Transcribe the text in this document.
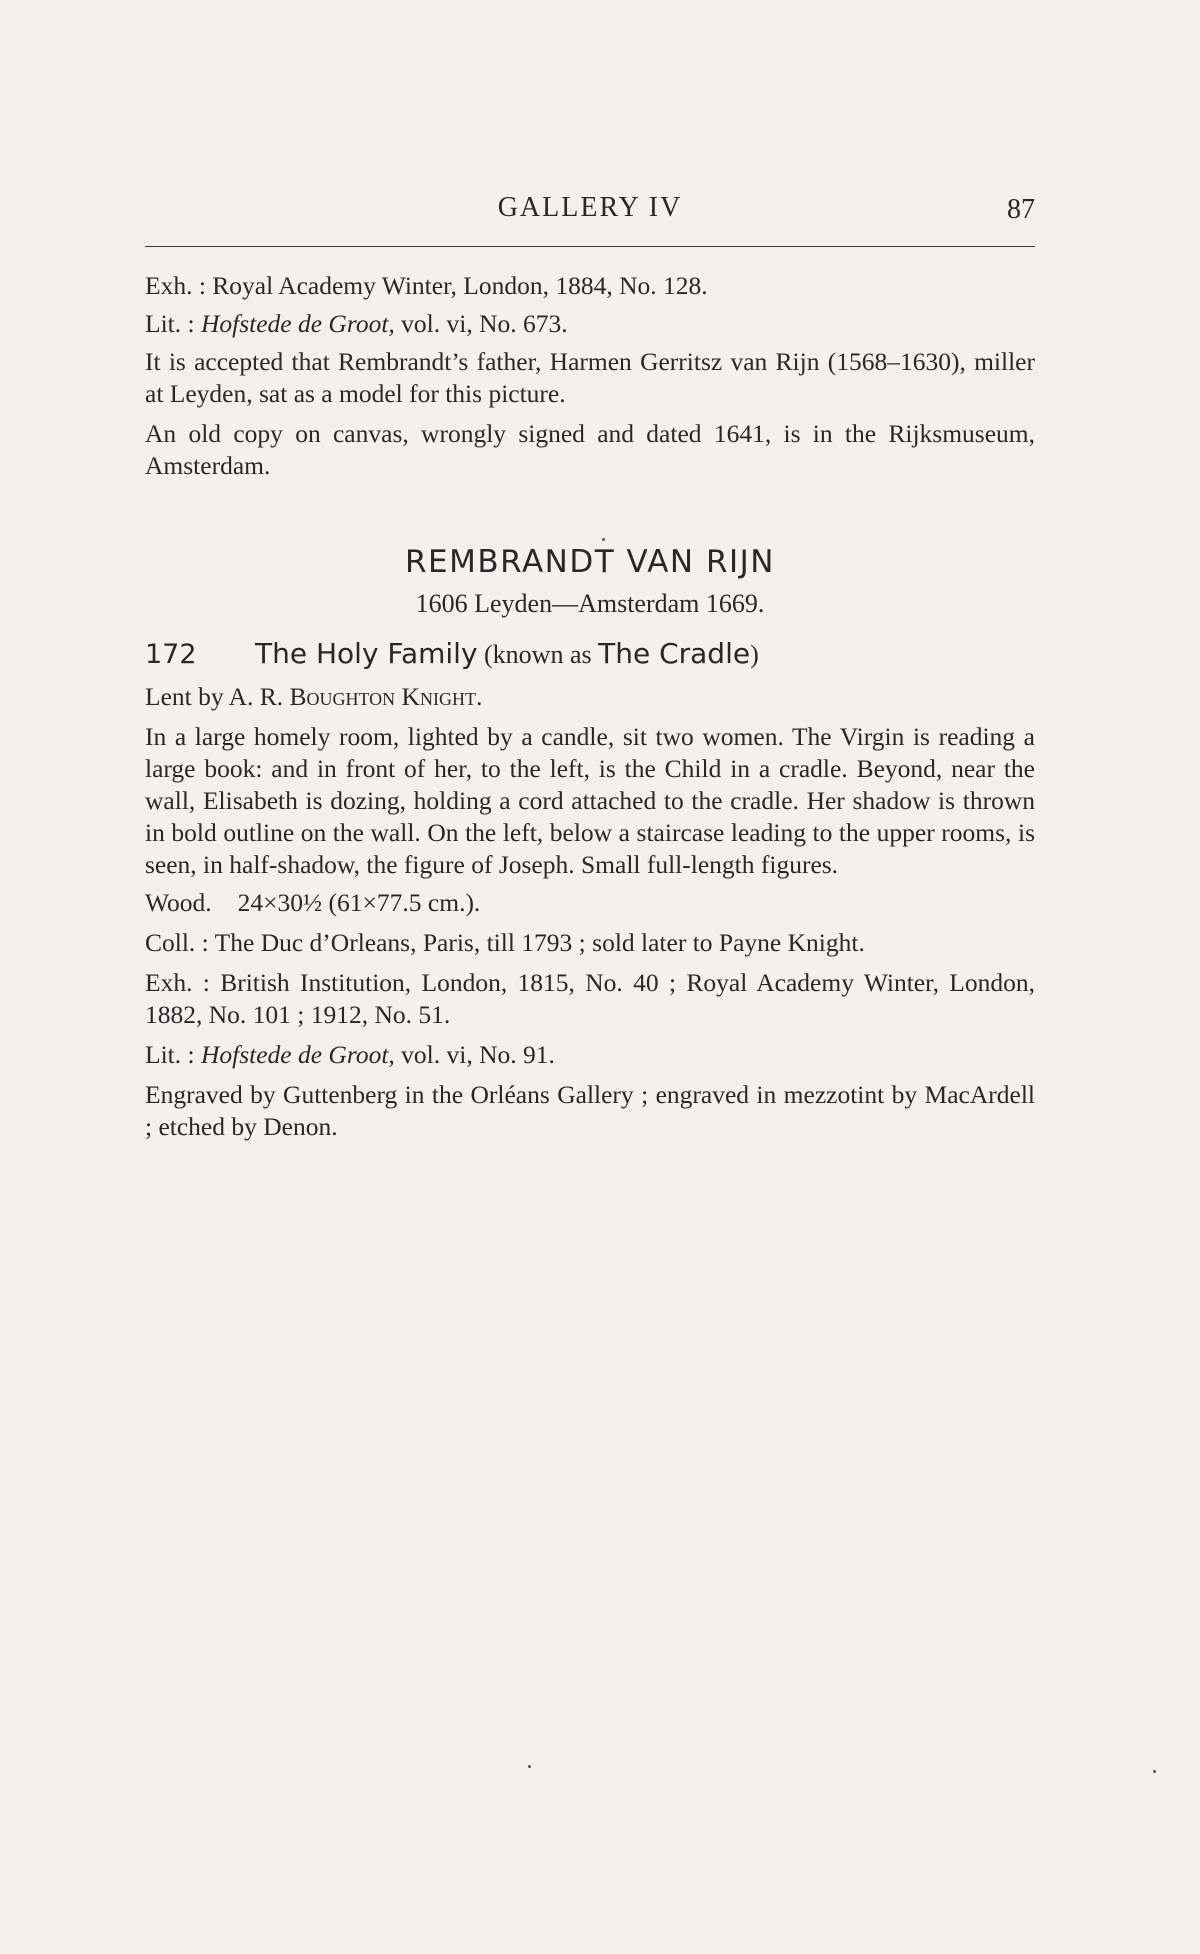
GALLERY IV	87

Exh. : Royal Academy Winter, London, 1884, No. 128.

Lit. : Hofstede de Groot, vol. vi, No. 673.

It is accepted that Rembrandt’s father, Harmen Gerritsz van Rijn (1568–1630), miller at Leyden, sat as a model for this picture.

An old copy on canvas, wrongly signed and dated 1641, is in the Rijksmuseum, Amsterdam.

REMBRANDT VAN RIJN
1606 Leyden—Amsterdam 1669.
172 The Holy Family (known as The Cradle)

Lent by A. R. Boughton Knight.

In a large homely room, lighted by a candle, sit two women. The Virgin is reading a large book: and in front of her, to the left, is the Child in a cradle. Beyond, near the wall, Elisabeth is dozing, holding a cord attached to the cradle. Her shadow is thrown in bold outline on the wall. On the left, below a staircase leading to the upper rooms, is seen, in half-shadow, the figure of Joseph. Small full-length figures.

Wood. 24×30½ (61×77.5 cm.).

Coll. : The Duc d’Orleans, Paris, till 1793 ; sold later to Payne Knight.

Exh. : British Institution, London, 1815, No. 40 ; Royal Academy Winter, London, 1882, No. 101 ; 1912, No. 51.

Lit. : Hofstede de Groot, vol. vi, No. 91.

Engraved by Guttenberg in the Orléans Gallery ; engraved in mezzotint by MacArdell ; etched by Denon.
